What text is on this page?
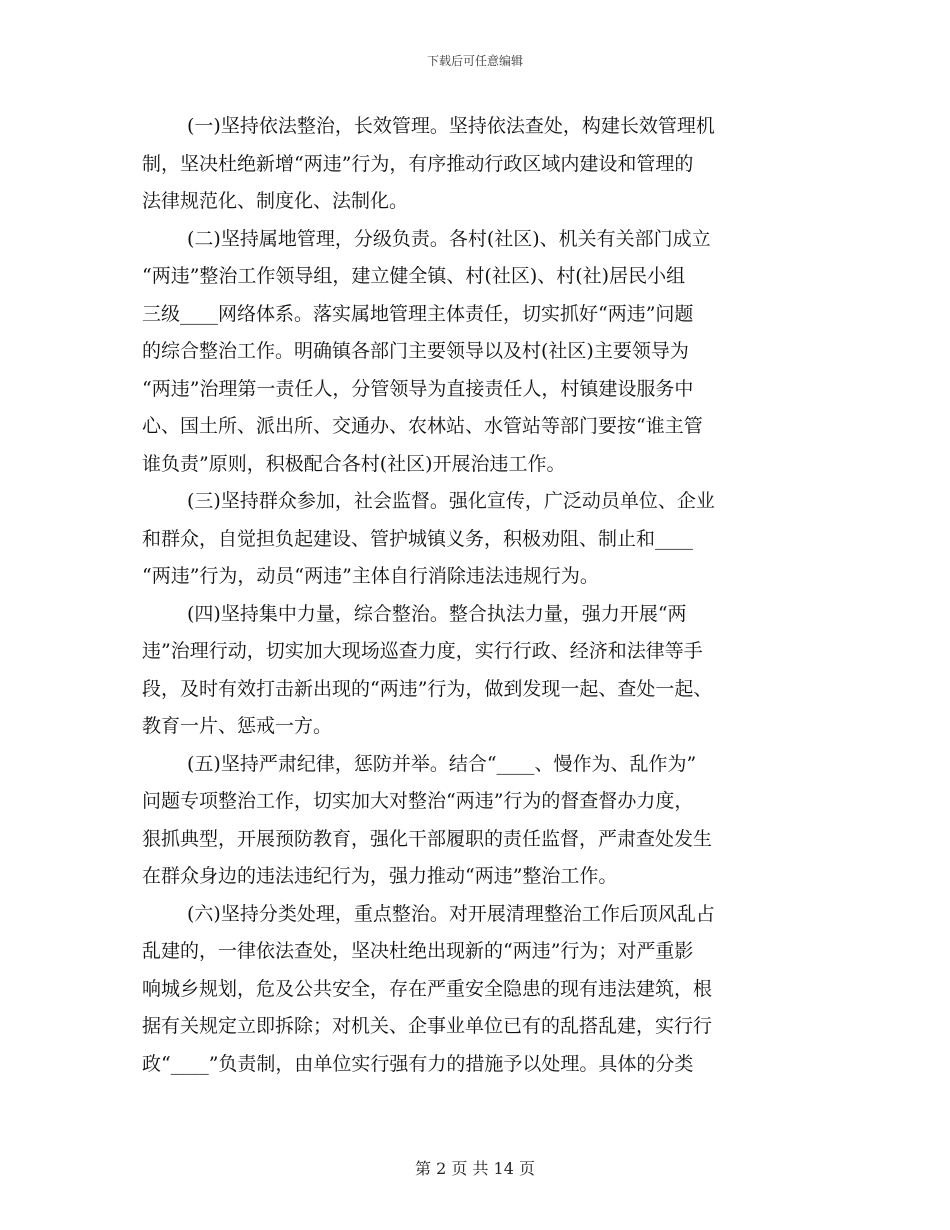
下载后可任意编辑
(一)坚持依法整治，长效管理。坚持依法查处，构建长效管理机
制，坚决杜绝新增“两违”行为，有序推动行政区域内建设和管理的
法律规范化、制度化、法制化。
(二)坚持属地管理，分级负责。各村(社区)、机关有关部门成立
“两违”整治工作领导组，建立健全镇、村(社区)、村(社)居民小组
三级____网络体系。落实属地管理主体责任，切实抓好“两违”问题
的综合整治工作。明确镇各部门主要领导以及村(社区)主要领导为
“两违”治理第一责任人，分管领导为直接责任人，村镇建设服务中
心、国土所、派出所、交通办、农林站、水管站等部门要按“谁主管
谁负责”原则，积极配合各村(社区)开展治违工作。
(三)坚持群众参加，社会监督。强化宣传，广泛动员单位、企业
和群众，自觉担负起建设、管护城镇义务，积极劝阻、制止和____
“两违”行为，动员“两违”主体自行消除违法违规行为。
(四)坚持集中力量，综合整治。整合执法力量，强力开展“两
违”治理行动，切实加大现场巡查力度，实行行政、经济和法律等手
段，及时有效打击新出现的“两违”行为，做到发现一起、查处一起、
教育一片、惩戒一方。
(五)坚持严肃纪律，惩防并举。结合“____、慢作为、乱作为”
问题专项整治工作，切实加大对整治“两违”行为的督查督办力度，
狠抓典型，开展预防教育，强化干部履职的责任监督，严肃查处发生
在群众身边的违法违纪行为，强力推动“两违”整治工作。
(六)坚持分类处理，重点整治。对开展清理整治工作后顶风乱占
乱建的，一律依法查处，坚决杜绝出现新的“两违”行为；对严重影
响城乡规划，危及公共安全，存在严重安全隐患的现有违法建筑，根
据有关规定立即拆除；对机关、企事业单位已有的乱搭乱建，实行行
政“____”负责制，由单位实行强有力的措施予以处理。具体的分类
第 2 页 共 14 页
